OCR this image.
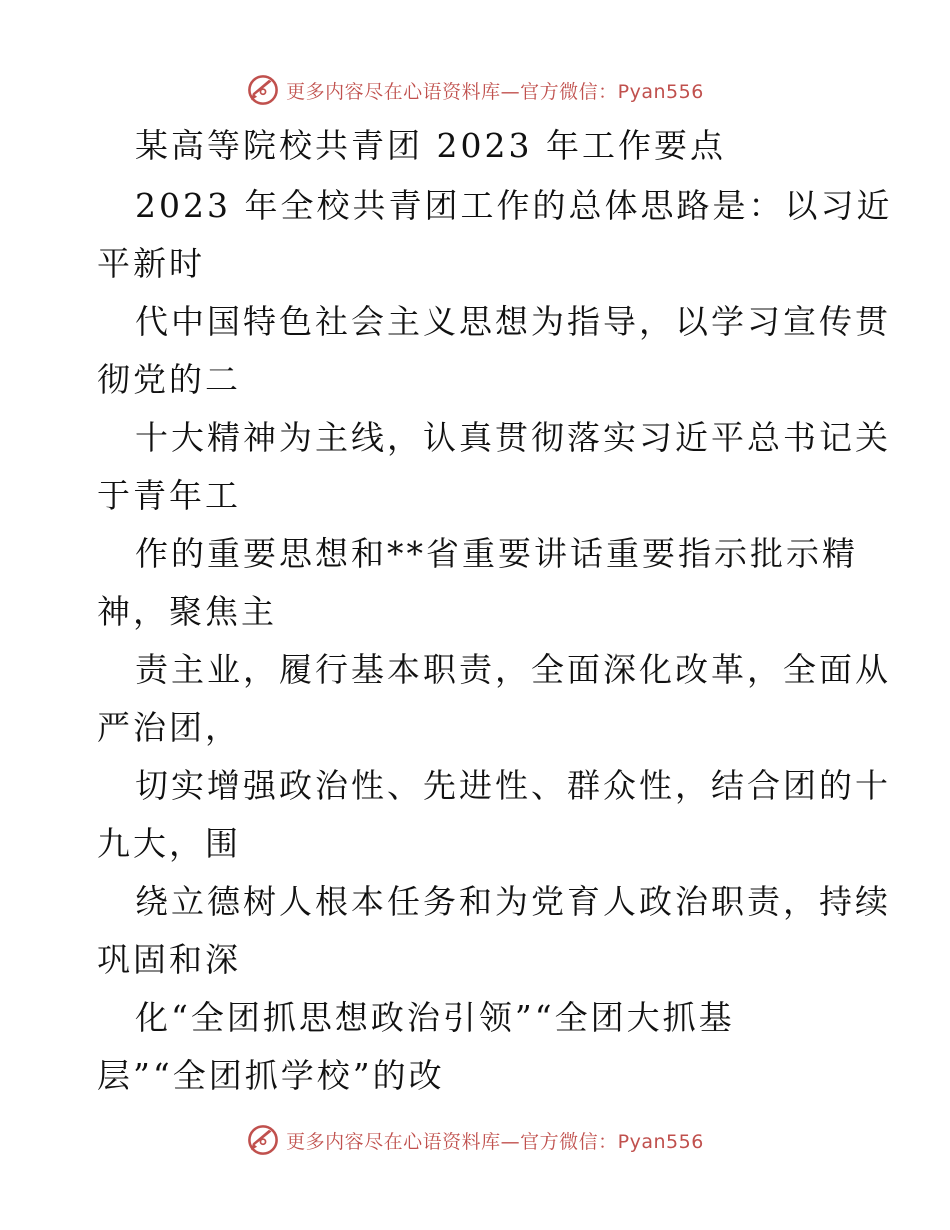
更多内容尽在心语资料库—官方微信：Pyan556
某高等院校共青团 2023 年工作要点
2023 年全校共青团工作的总体思路是：以习近
平新时
代中国特色社会主义思想为指导，以学习宣传贯
彻党的二
十大精神为主线，认真贯彻落实习近平总书记关
于青年工
作的重要思想和**省重要讲话重要指示批示精
神，聚焦主
责主业，履行基本职责，全面深化改革，全面从
严治团，
切实增强政治性、先进性、群众性，结合团的十
九大，围
绕立德树人根本任务和为党育人政治职责，持续
巩固和深
化“全团抓思想政治引领”“全团大抓基
层”“全团抓学校”的改
更多内容尽在心语资料库—官方微信：Pyan556
